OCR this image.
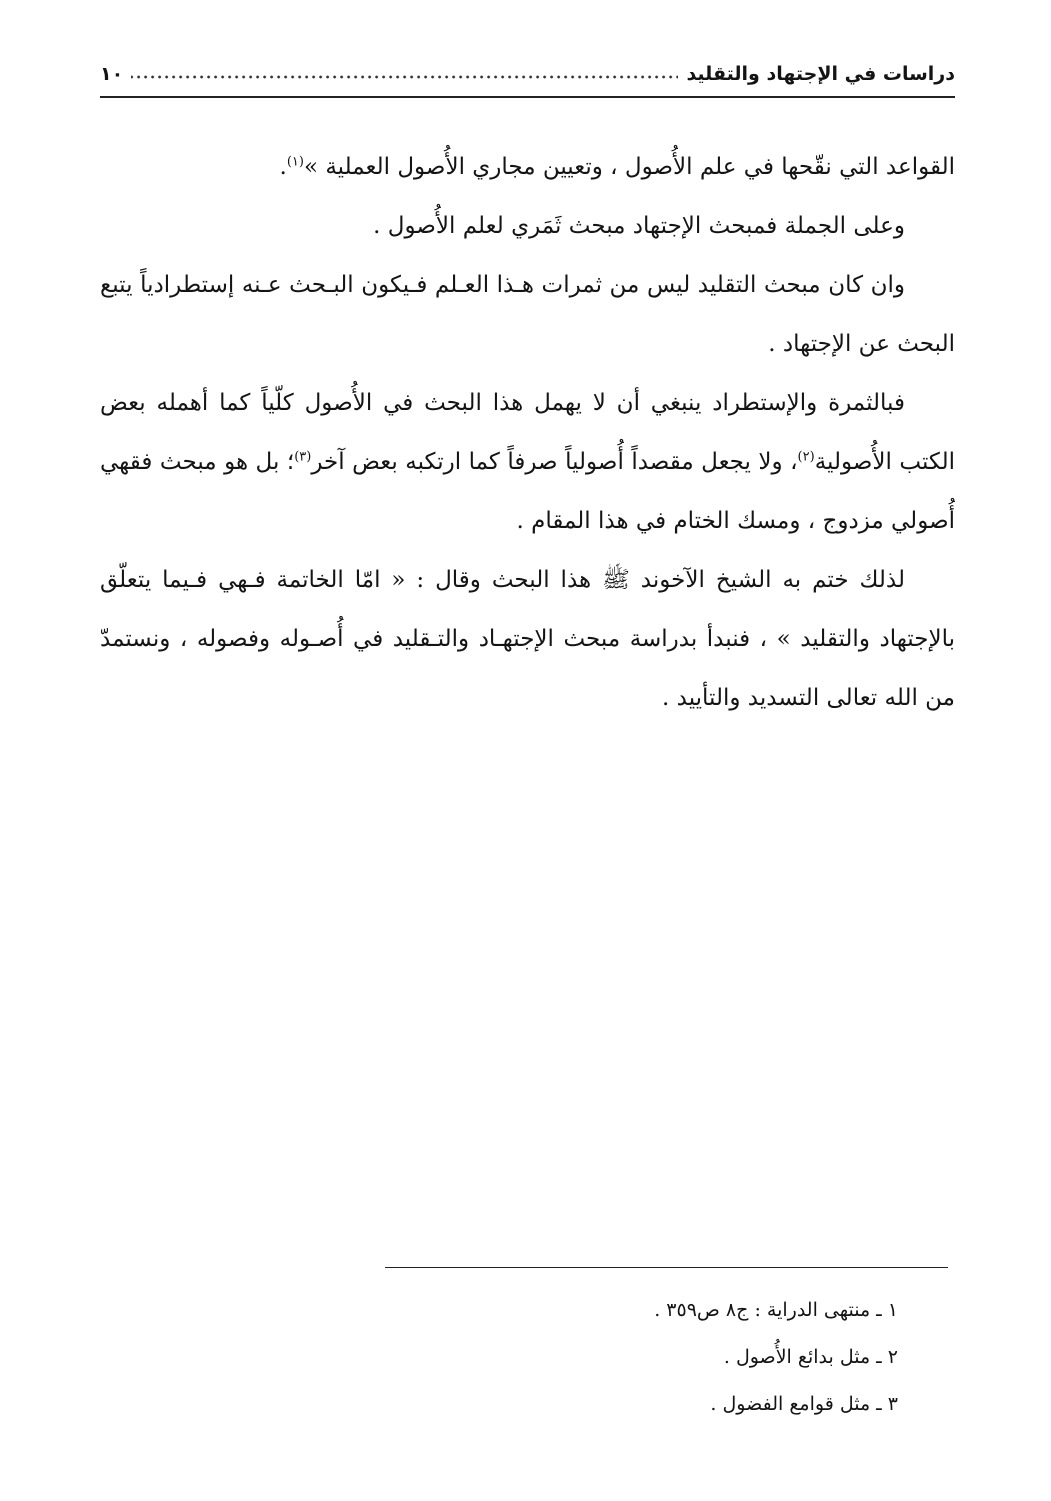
دراسات في الإجتهاد والتقليد
١٠

القواعد التي نقّحها في علم الأُصول ، وتعيين مجاري الأُصول العملية »$^{(١)}$.

وعلى الجملة فمبحث الإجتهاد مبحث ثَمَري لعلم الأُصول .

وان كان مبحث التقليد ليس من ثمرات هـذا العـلم فـيكون البـحث عـنه إستطرادياً يتبع البحث عن الإجتهاد .

فبالثمرة والإستطراد ينبغي أن لا يهمل هذا البحث في الأُصول كلّياً كما أهمله بعض الكتب الأُصولية$^{(٢)}$، ولا يجعل مقصداً أُصولياً صرفاً كما ارتكبه بعض آخر$^{(٣)}$؛ بل هو مبحث فقهي أُصولي مزدوج ، ومسك الختام في هذا المقام .

لذلك ختم به الشيخ الآخوند ﷺ هذا البحث وقال : « امّا الخاتمة فـهي فـيما يتعلّق بالإجتهاد والتقليد » ، فنبدأ بدراسة مبحث الإجتهـاد والتـقليد في أُصـوله وفصوله ، ونستمدّ من الله تعالى التسديد والتأييد .

١ ـ منتهى الدراية : ج٨ ص٣٥٩ .

٢ ـ مثل بدائع الأُصول .

٣ ـ مثل قوامع الفضول .
